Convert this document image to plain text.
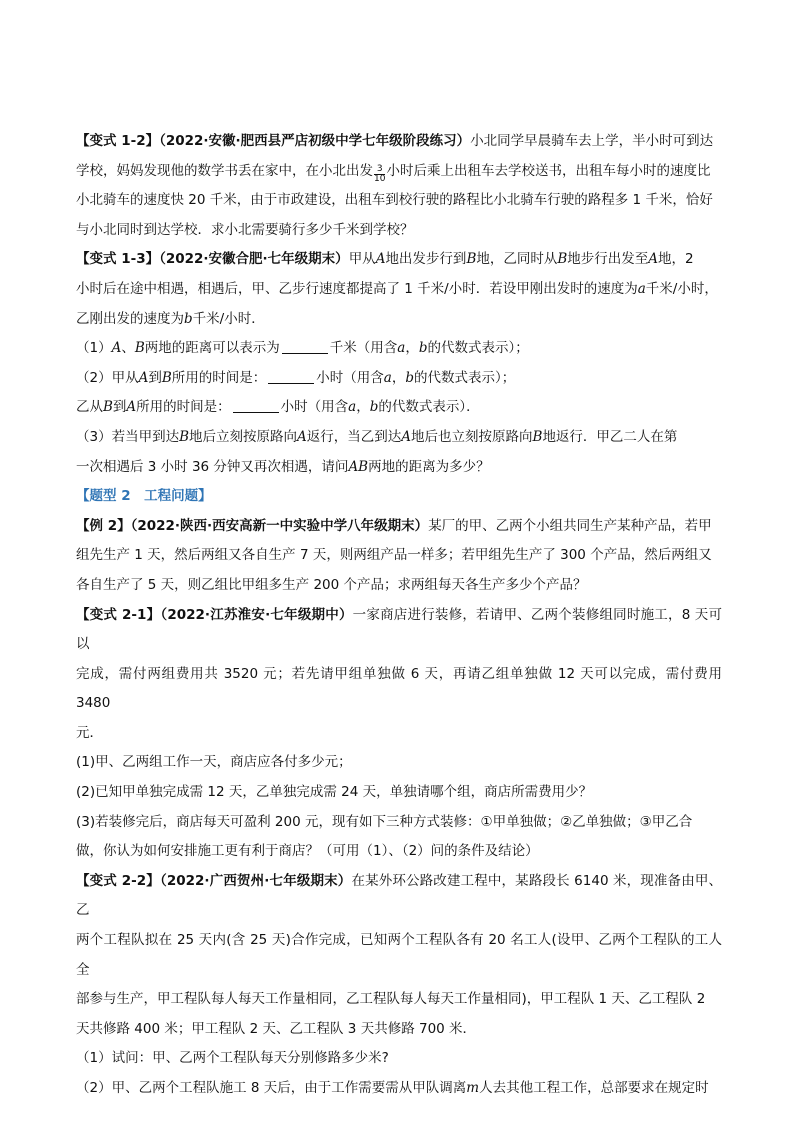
【变式 1-2】（2022·安徽·肥西县严店初级中学七年级阶段练习）小北同学早晨骑车去上学，半小时可到达
学校，妈妈发现他的数学书丢在家中，在小北出发 $\frac{3}{10}$ 小时后乘上出租车去学校送书，出租车每小时的速度比
小北骑车的速度快 20 千米，由于市政建设，出租车到校行驶的路程比小北骑车行驶的路程多 1 千米，恰好
与小北同时到达学校．求小北需要骑行多少千米到学校？

【变式 1-3】（2022·安徽合肥·七年级期末）甲从A地出发步行到B地，乙同时从B地步行出发至A地，2
小时后在途中相遇，相遇后，甲、乙步行速度都提高了 1 千米/小时．若设甲刚出发时的速度为a千米/小时，
乙刚出发的速度为b千米/小时．
（1）A、B两地的距离可以表示为	千米（用含a，b的代数式表示）；
（2）甲从A到B所用的时间是：	小时（用含a，b的代数式表示）；
乙从B到A所用的时间是：	小时（用含a，b的代数式表示）．
（3）若当甲到达B地后立刻按原路向A返行，当乙到达A地后也立刻按原路向B地返行．甲乙二人在第
一次相遇后 3 小时 36 分钟又再次相遇，请问AB两地的距离为多少？

【题型 2　工程问题】

【例 2】（2022·陕西·西安高新一中实验中学八年级期末）某厂的甲、乙两个小组共同生产某种产品，若甲
组先生产 1 天，然后两组又各自生产 7 天，则两组产品一样多；若甲组先生产了 300 个产品，然后两组又
各自生产了 5 天，则乙组比甲组多生产 200 个产品；求两组每天各生产多少个产品？

【变式 2-1】（2022·江苏淮安·七年级期中）一家商店进行装修，若请甲、乙两个装修组同时施工，8 天可以
完成，需付两组费用共 3520 元；若先请甲组单独做 6 天，再请乙组单独做 12 天可以完成，需付费用 3480
元．
(1)甲、乙两组工作一天，商店应各付多少元；
(2)已知甲单独完成需 12 天，乙单独完成需 24 天，单独请哪个组，商店所需费用少？
(3)若装修完后，商店每天可盈利 200 元，现有如下三种方式装修：①甲单独做；②乙单独做；③甲乙合
做，你认为如何安排施工更有利于商店？（可用（1）、（2）问的条件及结论）

【变式 2-2】（2022·广西贺州·七年级期末）在某外环公路改建工程中，某路段长 6140 米，现准备由甲、乙
两个工程队拟在 25 天内(含 25 天)合作完成，已知两个工程队各有 20 名工人(设甲、乙两个工程队的工人全
部参与生产，甲工程队每人每天工作量相同，乙工程队每人每天工作量相同)，甲工程队 1 天、乙工程队 2
天共修路 400 米；甲工程队 2 天、乙工程队 3 天共修路 700 米．
（1）试问：甲、乙两个工程队每天分别修路多少米?
（2）甲、乙两个工程队施工 8 天后，由于工作需要需从甲队调离m人去其他工程工作，总部要求在规定时
